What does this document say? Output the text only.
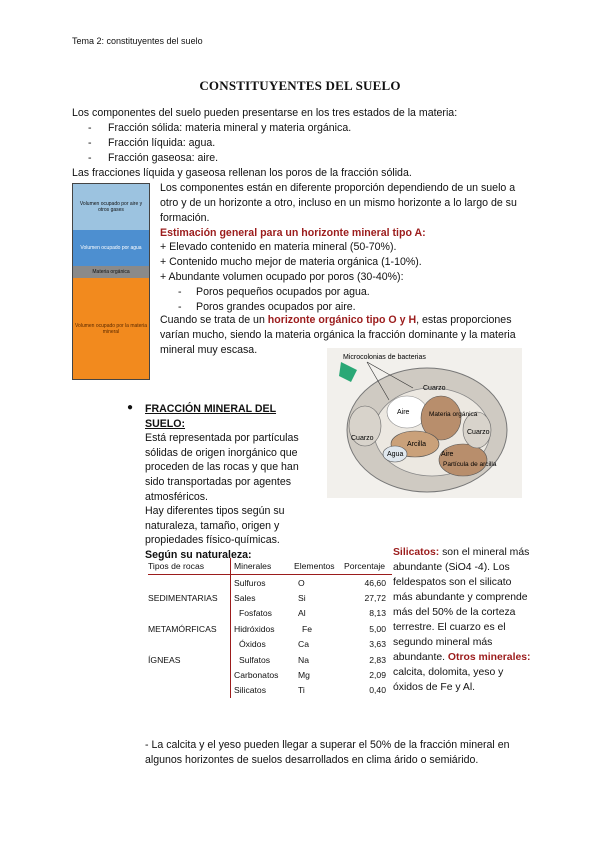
Tema 2: constituyentes del suelo
CONSTITUYENTES DEL SUELO
Los componentes del suelo pueden presentarse en los tres estados de la materia:
- Fracción sólida: materia mineral y materia orgánica.
- Fracción líquida: agua.
- Fracción gaseosa: aire.
Las fracciones líquida y gaseosa rellenan los poros de la fracción sólida.
Volumen ocupado por aire y otros gases
Volumen ocupado por agua
Materia orgánica
Volumen ocupado por la materia mineral
Los componentes están en diferente proporción dependiendo de un suelo a otro y de un horizonte a otro, incluso en un mismo horizonte a lo largo de su formación.
Estimación general para un horizonte mineral tipo A:
+ Elevado contenido en materia mineral (50-70%).
+ Contenido mucho mejor de materia orgánica (1-10%).
+ Abundante volumen ocupado por poros (30-40%):
- Poros pequeños ocupados por agua.
- Poros grandes ocupados por aire.
Cuando se trata de un horizonte orgánico tipo O y H, estas proporciones varían mucho, siendo la materia orgánica la fracción dominante y la materia mineral muy escasa.
Microcolonias de bacterias
Cuarzo
Aire	Materia orgánica
Arcilla
Cuarzo
Cuarzo
Agua	Aire
Partícula de arcilla
● FRACCIÓN MINERAL DEL SUELO:
Está representada por partículas sólidas de origen inorgánico que proceden de las rocas y que han sido transportadas por agentes atmosféricos.
Hay diferentes tipos según su naturaleza, tamaño, origen y propiedades físico-químicas.
Según su naturaleza:
Tipos de rocas	Minerales	Elementos	Porcentaje
	Sulfuros	O	46,60
SEDIMENTARIAS	Sales	Si	27,72
	Fosfatos	Al	8,13
METAMÓRFICAS	Hidróxidos	Fe	5,00
	Óxidos	Ca	3,63
ÍGNEAS	Sulfatos	Na	2,83
	Carbonatos	Mg	2,09
	Silicatos	Ti	0,40
Silicatos: son el mineral más abundante (SiO4 -4). Los feldespatos son el silicato más abundante y comprende más del 50% de la corteza terrestre. El cuarzo es el segundo mineral más abundante. Otros minerales: calcita, dolomita, yeso y óxidos de Fe y Al.
- La calcita y el yeso pueden llegar a superar el 50% de la fracción mineral en algunos horizontes de suelos desarrollados en clima árido o semiárido.
